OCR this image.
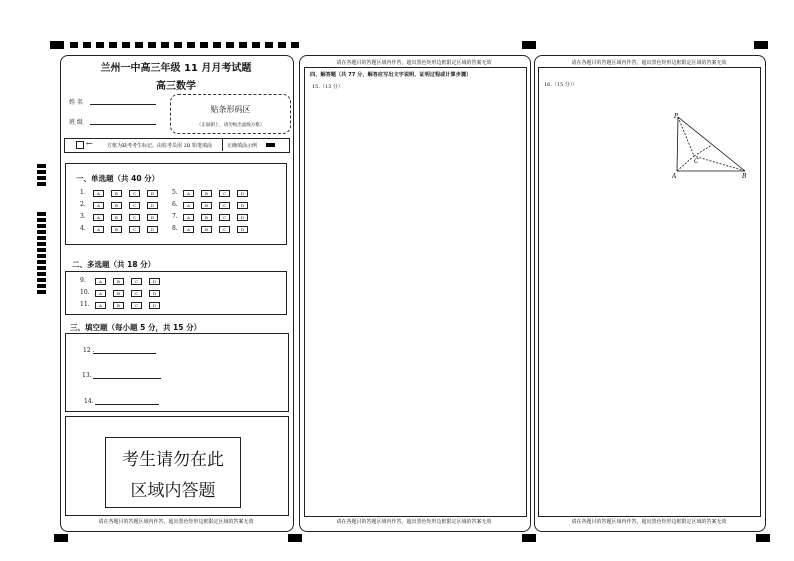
兰州一中高三年级 11 月月考试题
高三数学
姓 名
班 级
贴条形码区
（正面朝上，请勿贴出虚线方框）
←	方框为缺考考生标记，由监考员用 2B 铅笔填涂	正确填涂示例
一、单选题（共 40 分）
二、多选题（共 18 分）
三、填空题（每小题 5 分，共 15 分）
12 .
13.
14.
考生请勿在此
区域内答题
请在各题目的答题区域内作答，超出黑色矩形边框限定区域的答案无效
请在各题目的答题区域内作答，超出黑色矩形边框限定区域的答案无效
四、解答题（共 77 分，解答应写出文字说明、证明过程或计算步骤）
15.（13 分）
请在各题目的答题区域内作答，超出黑色矩形边框限定区域的答案无效
请在各题目的答题区域内作答，超出黑色矩形边框限定区域的答案无效
16.（15 分））
P
A	B
C
请在各题目的答题区域内作答，超出黑色矩形边框限定区域的答案无效
1.	A	B	C	D	5.	A	B	C	D
2.	A	B	C	D	6.	A	B	C	D
3.	A	B	C	D	7.	A	B	C	D
4.	A	B	C	D	8.	A	B	C	D
9.	A	B	C	D
10.	A	B	C	D
11.	A	B	C	D
